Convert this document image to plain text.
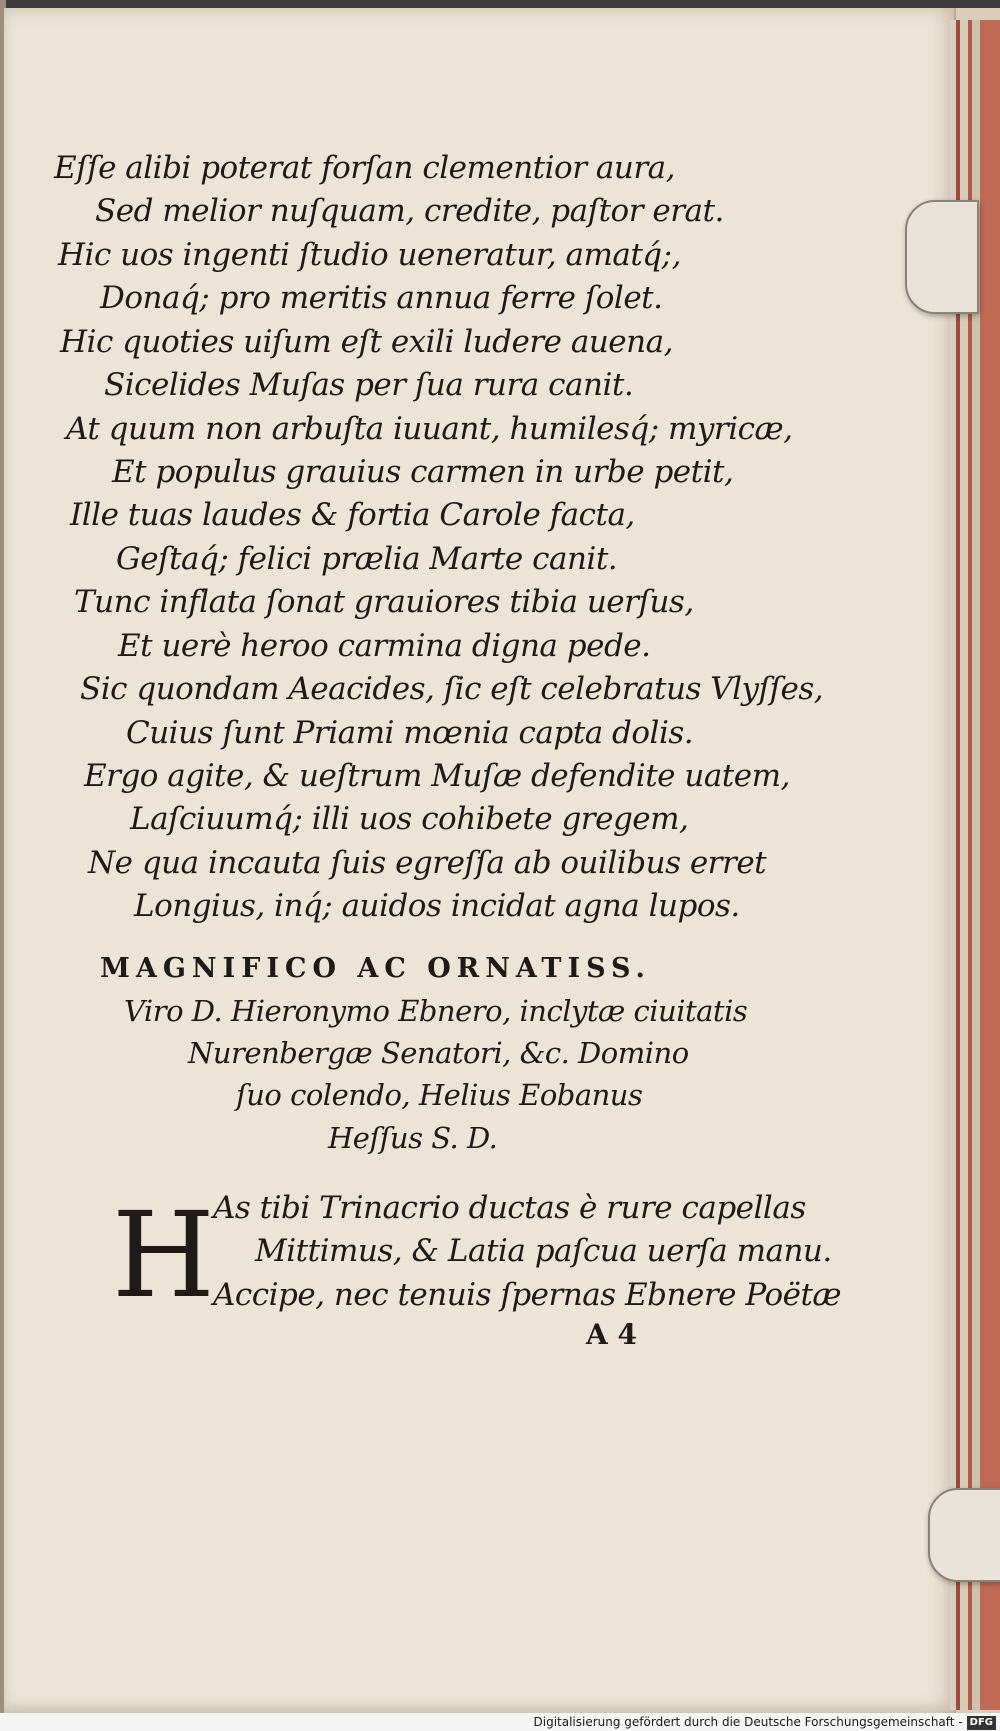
Eſſe alibi poterat forſan clementior aura,
Sed melior nuſquam, credite, paſtor erat.
Hic uos ingenti ſtudio ueneratur, amatq́;,
Donaq́; pro meritis annua ferre ſolet.
Hic quoties uiſum eſt exili ludere auena,
Sicelides Muſas per ſua rura canit.
At quum non arbuſta iuuant, humilesq́; myricæ,
Et populus grauius carmen in urbe petit,
Ille tuas laudes & fortia Carole facta,
Geſtaq́; felici prælia Marte canit.
Tunc inflata ſonat grauiores tibia uerſus,
Et uerè heroo carmina digna pede.
Sic quondam Aeacides, ſic eſt celebratus Vlyſſes,
Cuius ſunt Priami mœnia capta dolis.
Ergo agite, & ueſtrum Muſæ defendite uatem,
Laſciuumq́; illi uos cohibete gregem,
Ne qua incauta ſuis egreſſa ab ouilibus erret
Longius, inq́; auidos incidat agna lupos.
MAGNIFICO AC ORNATISS.
Viro D. Hieronymo Ebnero, inclytæ ciuitatis
Nurenbergæ Senatori, &c. Domino
ſuo colendo, Helius Eobanus
Heſſus S. D.
H
As tibi Trinacrio ductas è rure capellas
Mittimus, & Latia paſcua uerſa manu.
Accipe, nec tenuis ſpernas Ebnere Poëtæ
A 4
Digitalisierung gefördert durch die Deutsche Forschungsgemeinschaft - DFG
